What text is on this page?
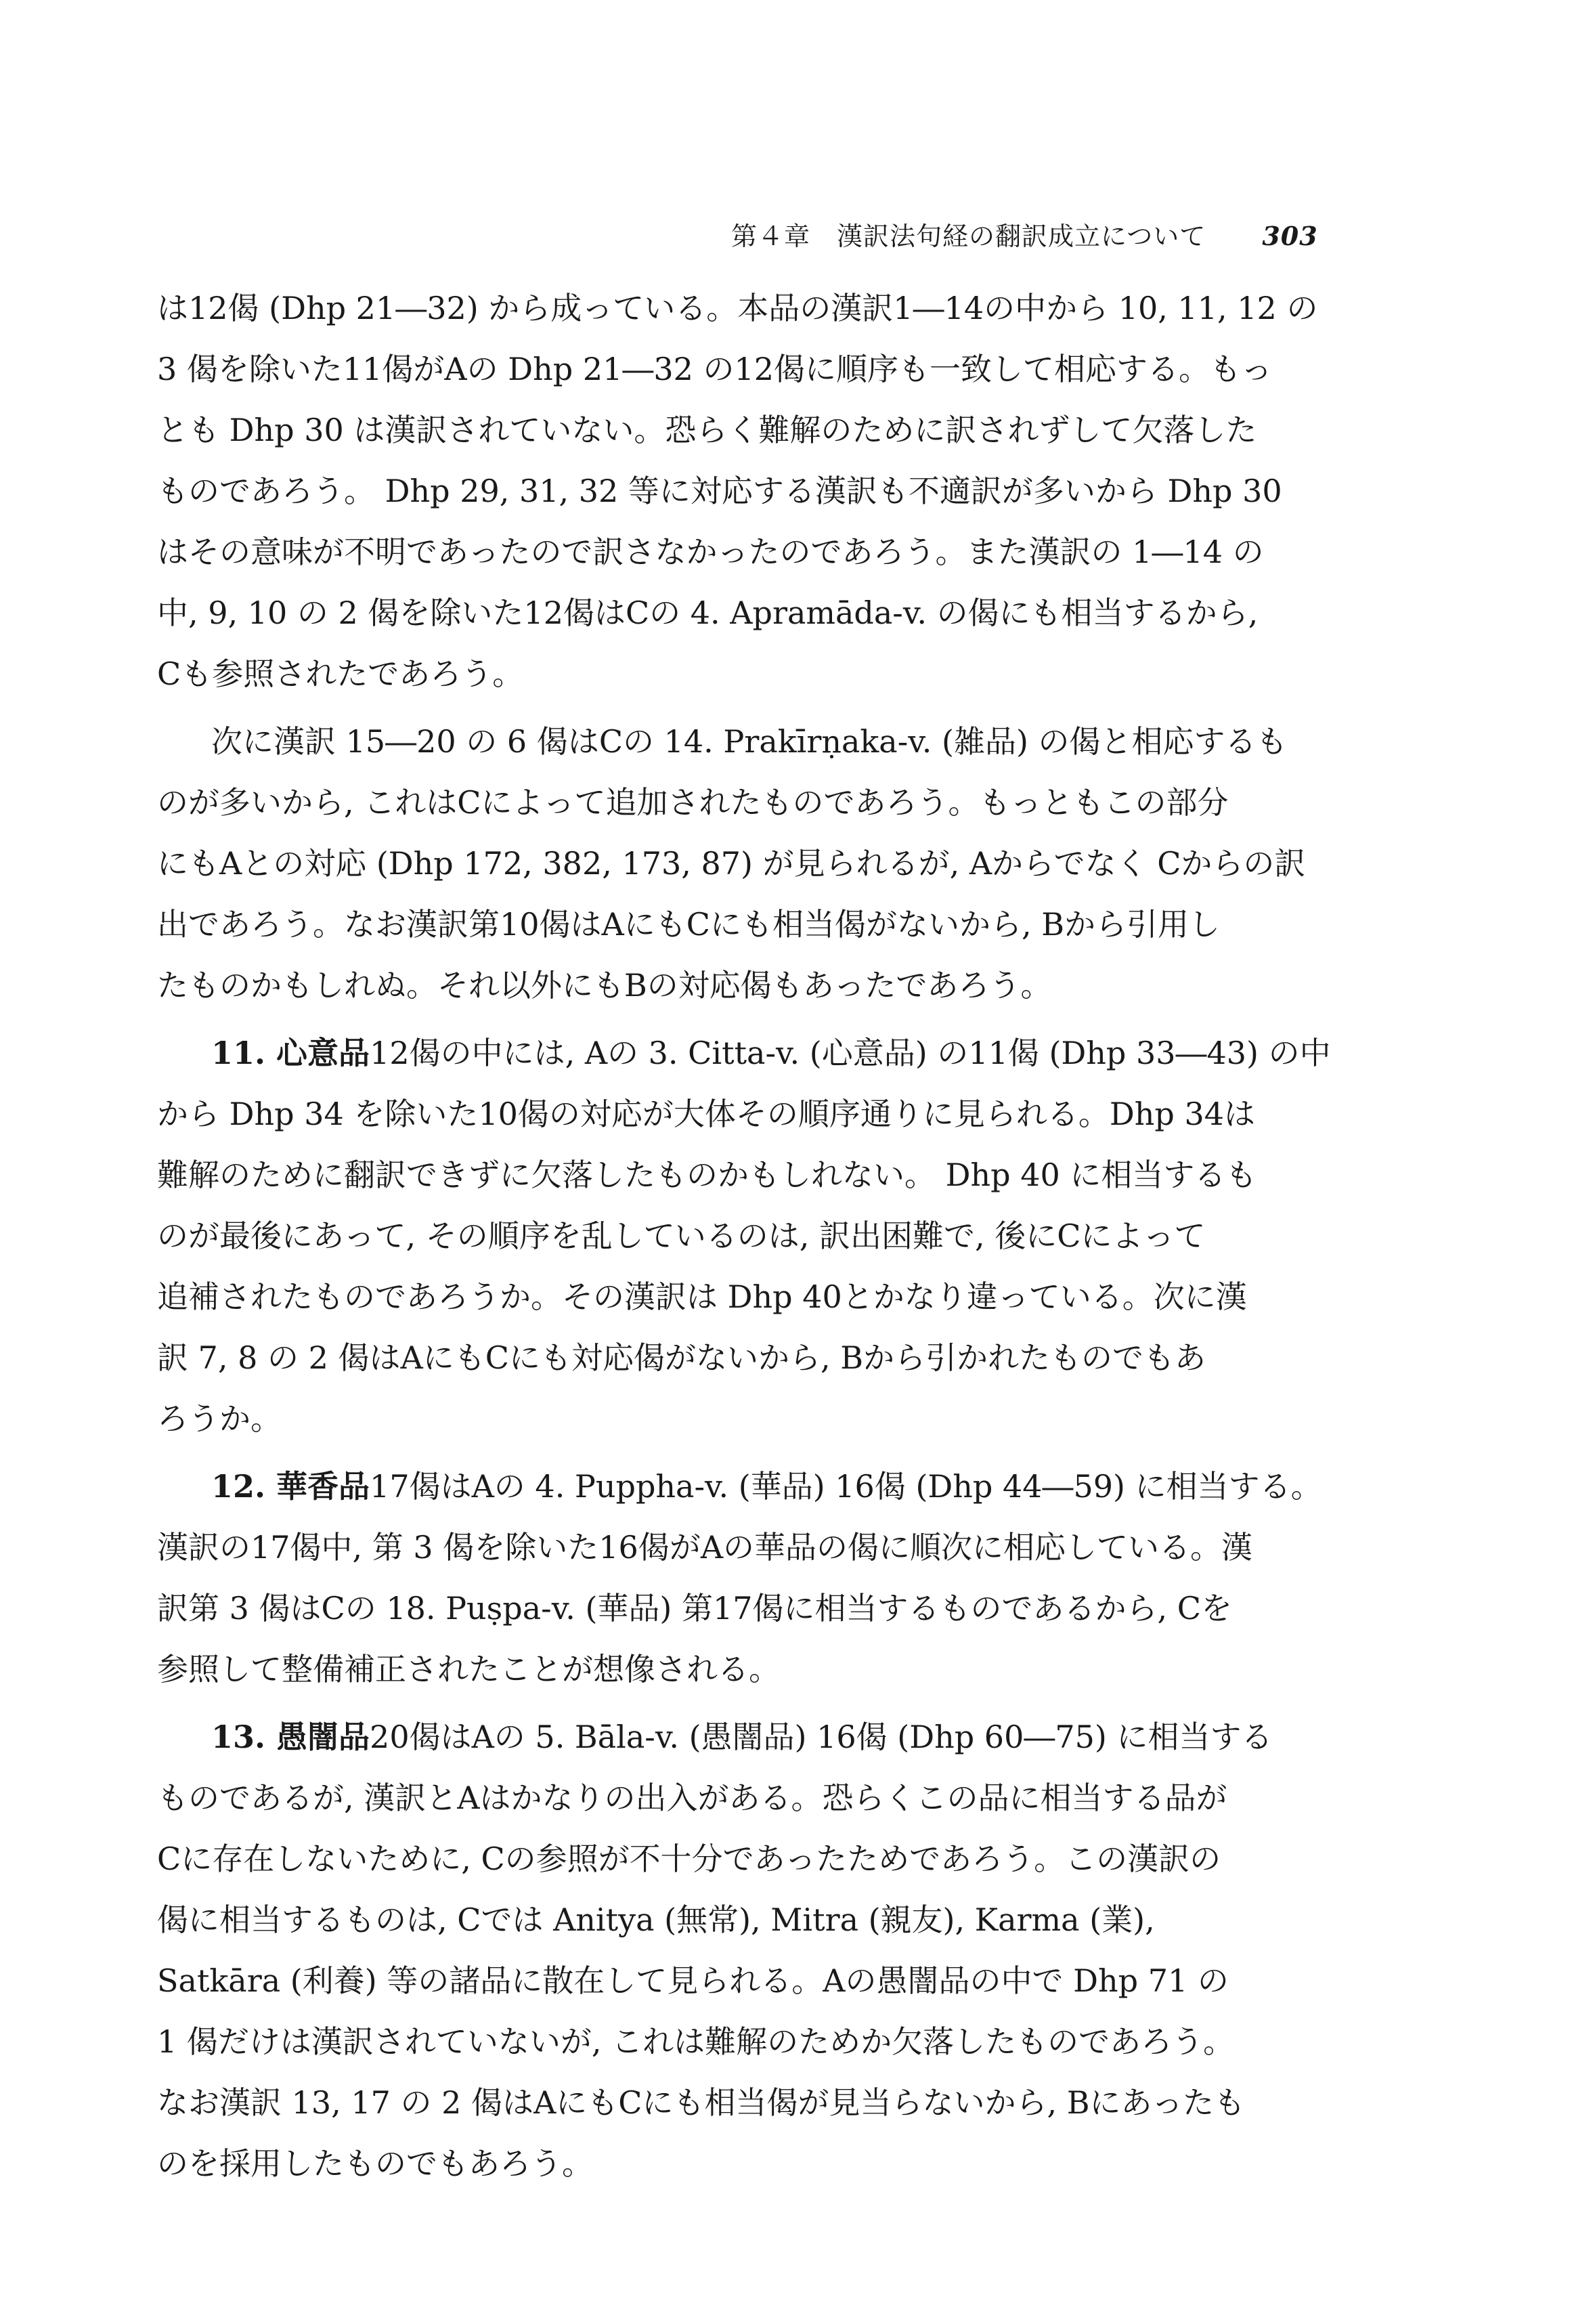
第４章　漢訳法句経の翻訳成立について 303
は12偈 (Dhp 21―32) から成っている。本品の漢訳1―14の中から 10, 11, 12 の
3 偈を除いた11偈がAの Dhp 21―32 の12偈に順序も一致して相応する。もっ
とも Dhp 30 は漢訳されていない。恐らく難解のために訳されずして欠落した
ものであろう。 Dhp 29, 31, 32 等に対応する漢訳も不適訳が多いから Dhp 30
はその意味が不明であったので訳さなかったのであろう。また漢訳の 1―14 の
中, 9, 10 の 2 偈を除いた12偈はCの 4. Apramāda-v. の偈にも相当するから,
Cも参照されたであろう。
次に漢訳 15―20 の 6 偈はCの 14. Prakīrṇaka-v. (雑品) の偈と相応するも
のが多いから, これはCによって追加されたものであろう。もっともこの部分
にもAとの対応 (Dhp 172, 382, 173, 87) が見られるが, Aからでなく Cからの訳
出であろう。なお漢訳第10偈はAにもCにも相当偈がないから, Bから引用し
たものかもしれぬ。それ以外にもBの対応偈もあったであろう。
11. 心意品12偈の中には, Aの 3. Citta-v. (心意品) の11偈 (Dhp 33―43) の中
から Dhp 34 を除いた10偈の対応が大体その順序通りに見られる。Dhp 34は
難解のために翻訳できずに欠落したものかもしれない。 Dhp 40 に相当するも
のが最後にあって, その順序を乱しているのは, 訳出困難で, 後にCによって
追補されたものであろうか。その漢訳は Dhp 40とかなり違っている。次に漢
訳 7, 8 の 2 偈はAにもCにも対応偈がないから, Bから引かれたものでもあ
ろうか。
12. 華香品17偈はAの 4. Puppha-v. (華品) 16偈 (Dhp 44―59) に相当する。
漢訳の17偈中, 第 3 偈を除いた16偈がAの華品の偈に順次に相応している。漢
訳第 3 偈はCの 18. Puṣpa-v. (華品) 第17偈に相当するものであるから, Cを
参照して整備補正されたことが想像される。
13. 愚闇品20偈はAの 5. Bāla-v. (愚闇品) 16偈 (Dhp 60―75) に相当する
ものであるが, 漢訳とAはかなりの出入がある。恐らくこの品に相当する品が
Cに存在しないために, Cの参照が不十分であったためであろう。この漢訳の
偈に相当するものは, Cでは Anitya (無常), Mitra (親友), Karma (業),
Satkāra (利養) 等の諸品に散在して見られる。Aの愚闇品の中で Dhp 71 の
1 偈だけは漢訳されていないが, これは難解のためか欠落したものであろう。
なお漢訳 13, 17 の 2 偈はAにもCにも相当偈が見当らないから, Bにあったも
のを採用したものでもあろう。
